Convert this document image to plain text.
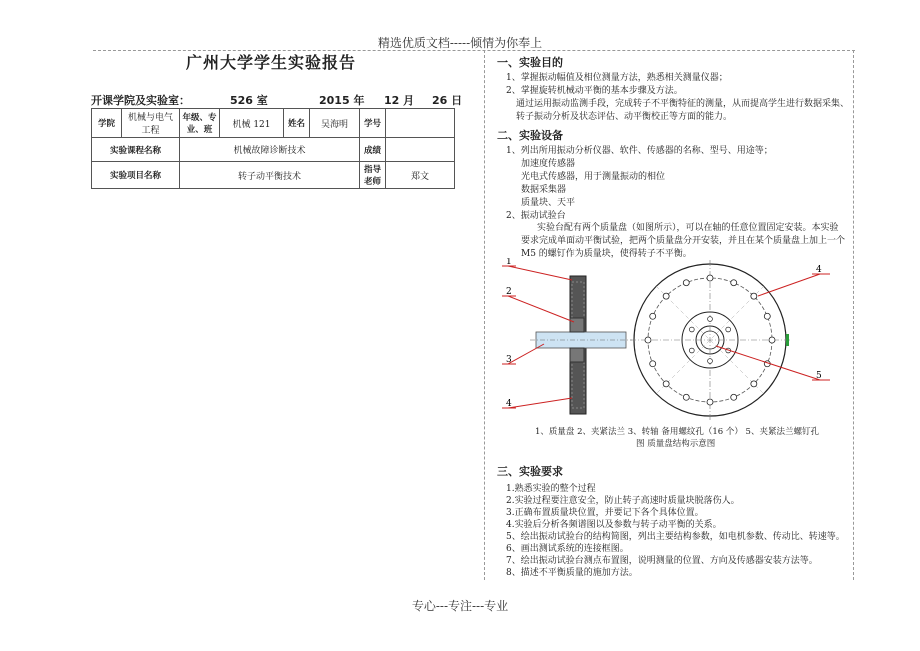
精选优质文档-----倾情为你奉上
广州大学学生实验报告
开课学院及实验室：	526 室	2015 年 12 月 26 日
学院	机械与电气工程	年级、专业、班	机械 121	姓名	吴海明	学号	
实验课程名称		机械故障诊断技术				成绩	
实验项目名称		转子动平衡技术				指导老师	郑文
一、实验目的
1、掌握振动幅值及相位测量方法，熟悉相关测量仪器；
2、掌握旋转机械动平衡的基本步骤及方法。
通过运用振动监测手段，完成转子不平衡特征的测量，从而提高学生进行数据采集、
转子振动分析及状态评估、动平衡校正等方面的能力。
二、实验设备
1、列出所用振动分析仪器、软件、传感器的名称、型号、用途等；
加速度传感器
光电式传感器，用于测量振动的相位
数据采集器
质量块、天平
2、振动试验台
实验台配有两个质量盘（如图所示），可以在轴的任意位置固定安装。本实验
要求完成单面动平衡试验，把两个质量盘分开安装，并且在某个质量盘上加上一个
M5 的螺钉作为质量块，使得转子不平衡。
1
2
3
4
4
5
1、质量盘 2、夹紧法兰 3、转轴 备用螺纹孔（16 个） 5、夹紧法兰螺钉孔
图 质量盘结构示意图
三、实验要求
1.熟悉实验的整个过程
2.实验过程要注意安全，防止转子高速时质量块脱落伤人。
3.正确布置质量块位置，并要记下各个具体位置。
4.实验后分析各频谱图以及参数与转子动平衡的关系。
5、绘出振动试验台的结构简图，列出主要结构参数，如电机参数、传动比、转速等。
6、画出测试系统的连接框图。
7、绘出振动试验台测点布置图，说明测量的位置、方向及传感器安装方法等。
8、描述不平衡质量的施加方法。
专心---专注---专业
